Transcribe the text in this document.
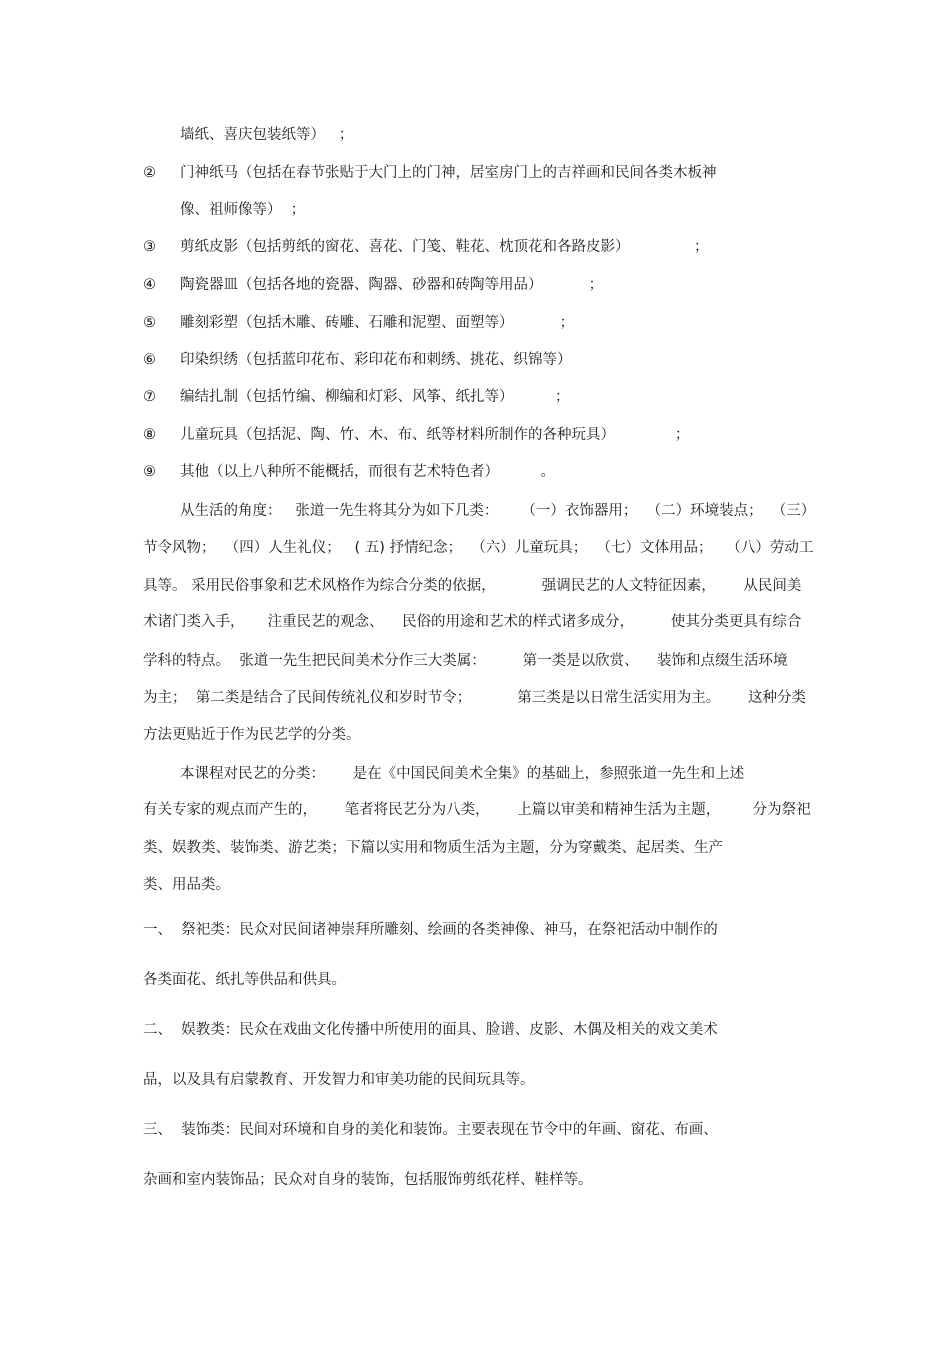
墙纸、喜庆包装纸等）   ；
② 门神纸马（包括在春节张贴于大门上的门神，居室房门上的吉祥画和民间各类木板神
像、祖师像等）  ；
③ 剪纸皮影（包括剪纸的窗花、喜花、门笺、鞋花、枕顶花和各路皮影）              ；
④ 陶瓷器皿（包括各地的瓷器、陶器、砂器和砖陶等用品）          ；
⑤ 雕刻彩塑（包括木雕、砖雕、石雕和泥塑、面塑等）          ；
⑥ 印染织绣（包括蓝印花布、彩印花布和刺绣、挑花、织锦等）
⑦ 编结扎制（包括竹编、柳编和灯彩、风筝、纸扎等）         ；
⑧ 儿童玩具（包括泥、陶、竹、木、布、纸等材料所制作的各种玩具）             ；
⑨ 其他（以上八种所不能概括，而很有艺术特色者）         。
从生活的角度：   张道一先生将其分为如下几类：     （一）衣饰器用；  （二）环境装点；  （三）
节令风物；  （四）人生礼仪；   ( 五) 抒情纪念；  （六）儿童玩具；  （七）文体用品；   （八）劳动工
具等。 采用民俗事象和艺术风格作为综合分类的依据，          强调民艺的人文特征因素，      从民间美
术诸门类入手，     注重民艺的观念、    民俗的用途和艺术的样式诸多成分，        使其分类更具有综合
学科的特点。  张道一先生把民间美术分作三大类属：        第一类是以欣赏、    装饰和点缀生活环境
为主；  第二类是结合了民间传统礼仪和岁时节令；          第三类是以日常生活实用为主。      这种分类
方法更贴近于作为民艺学的分类。
本课程对民艺的分类：      是在《中国民间美术全集》的基础上，参照张道一先生和上述
有关专家的观点而产生的，      笔者将民艺分为八类，      上篇以审美和精神生活为主题，       分为祭祀
类、娱教类、装饰类、游艺类；下篇以实用和物质生活为主题，分为穿戴类、起居类、生产
类、用品类。
一、  祭祀类：民众对民间诸神崇拜所雕刻、绘画的各类神像、神马，在祭祀活动中制作的
各类面花、纸扎等供品和供具。
二、  娱教类：民众在戏曲文化传播中所使用的面具、脸谱、皮影、木偶及相关的戏文美术
品，以及具有启蒙教育、开发智力和审美功能的民间玩具等。
三、  装饰类：民间对环境和自身的美化和装饰。主要表现在节令中的年画、窗花、布画、
杂画和室内装饰品；民众对自身的装饰，包括服饰剪纸花样、鞋样等。
